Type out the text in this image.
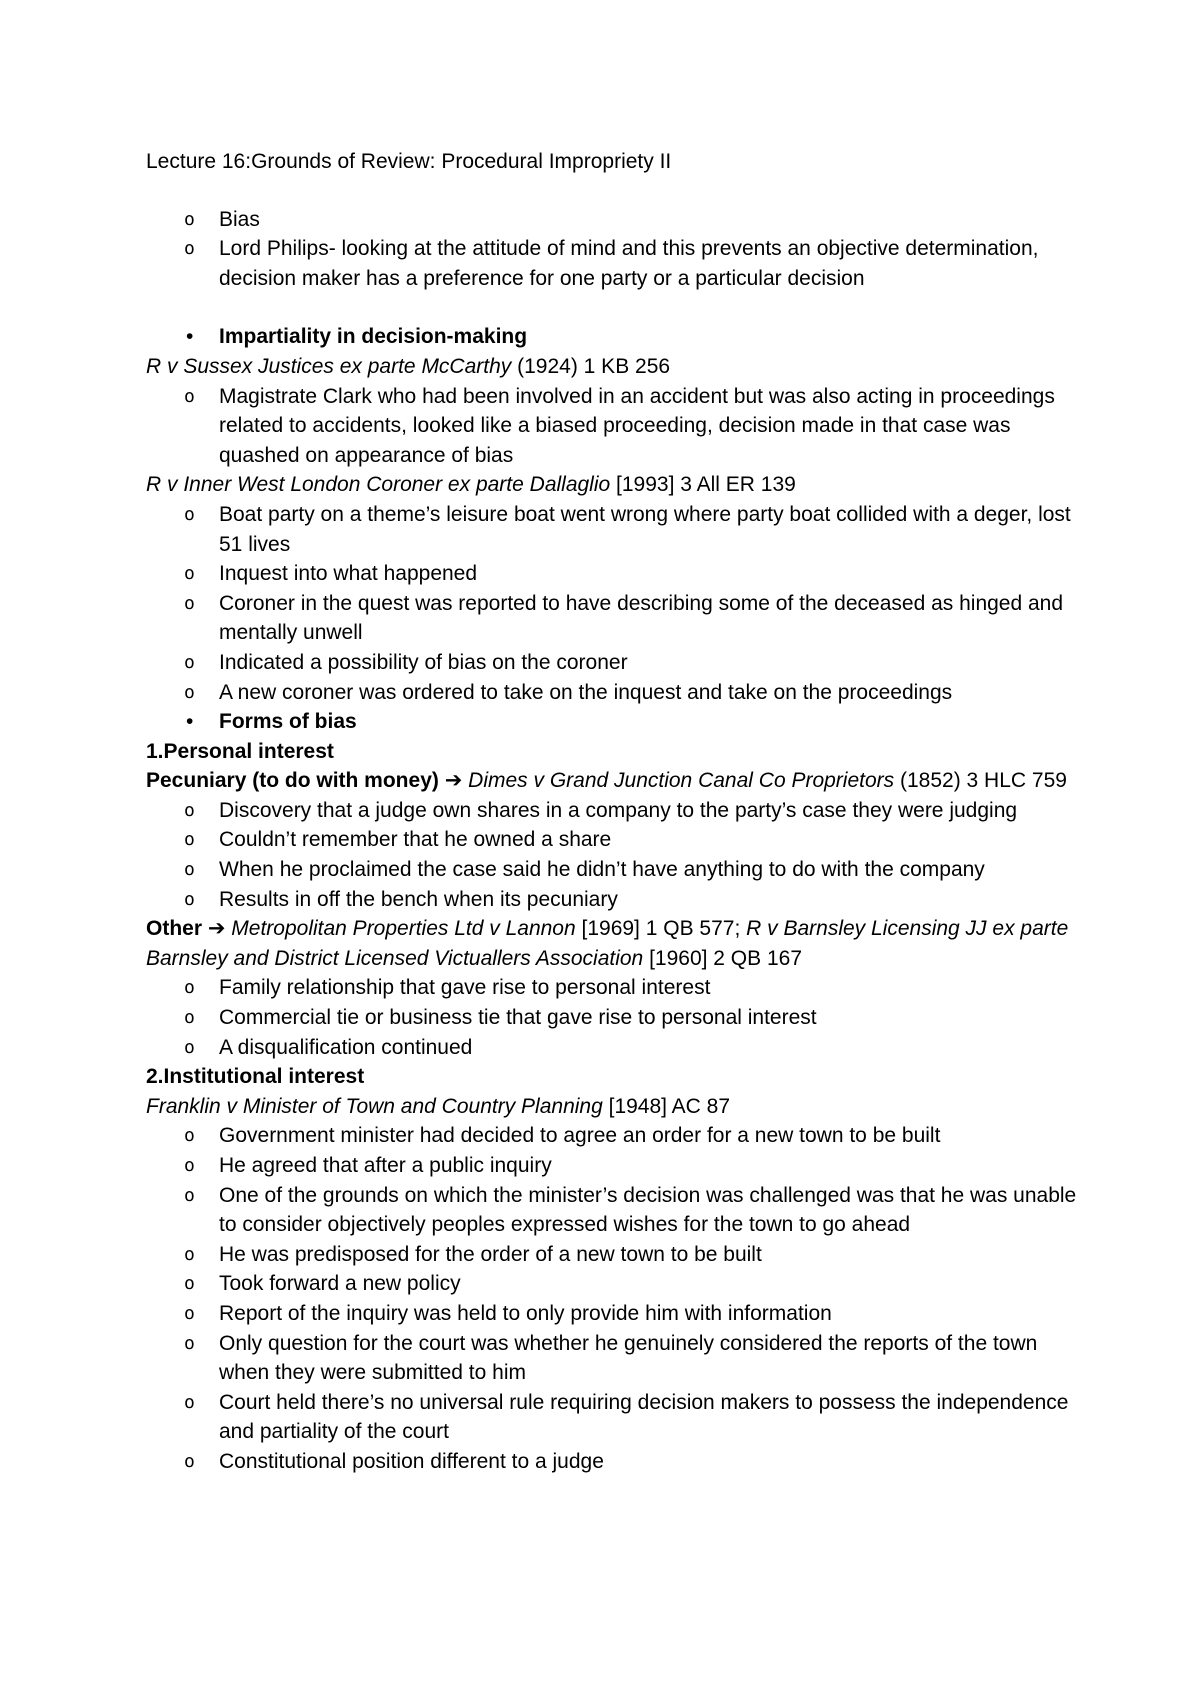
Lecture 16:Grounds of Review: Procedural Impropriety II
o Bias
o Lord Philips- looking at the attitude of mind and this prevents an objective determination, decision maker has a preference for one party or a particular decision
• Impartiality in decision-making
R v Sussex Justices ex parte McCarthy (1924) 1 KB 256
o Magistrate Clark who had been involved in an accident but was also acting in proceedings related to accidents, looked like a biased proceeding, decision made in that case was quashed on appearance of bias
R v Inner West London Coroner ex parte Dallaglio [1993] 3 All ER 139
o Boat party on a theme’s leisure boat went wrong where party boat collided with a deger, lost 51 lives
o Inquest into what happened
o Coroner in the quest was reported to have describing some of the deceased as hinged and mentally unwell
o Indicated a possibility of bias on the coroner
o A new coroner was ordered to take on the inquest and take on the proceedings
• Forms of bias
1.Personal interest
Pecuniary (to do with money) ➔ Dimes v Grand Junction Canal Co Proprietors (1852) 3 HLC 759
o Discovery that a judge own shares in a company to the party’s case they were judging
o Couldn’t remember that he owned a share
o When he proclaimed the case said he didn’t have anything to do with the company
o Results in off the bench when its pecuniary
Other ➔ Metropolitan Properties Ltd v Lannon [1969] 1 QB 577; R v Barnsley Licensing JJ ex parte Barnsley and District Licensed Victuallers Association [1960] 2 QB 167
o Family relationship that gave rise to personal interest
o Commercial tie or business tie that gave rise to personal interest
o A disqualification continued
2.Institutional interest
Franklin v Minister of Town and Country Planning [1948] AC 87
o Government minister had decided to agree an order for a new town to be built
o He agreed that after a public inquiry
o One of the grounds on which the minister’s decision was challenged was that he was unable to consider objectively peoples expressed wishes for the town to go ahead
o He was predisposed for the order of a new town to be built
o Took forward a new policy
o Report of the inquiry was held to only provide him with information
o Only question for the court was whether he genuinely considered the reports of the town when they were submitted to him
o Court held there’s no universal rule requiring decision makers to possess the independence and partiality of the court
o Constitutional position different to a judge
